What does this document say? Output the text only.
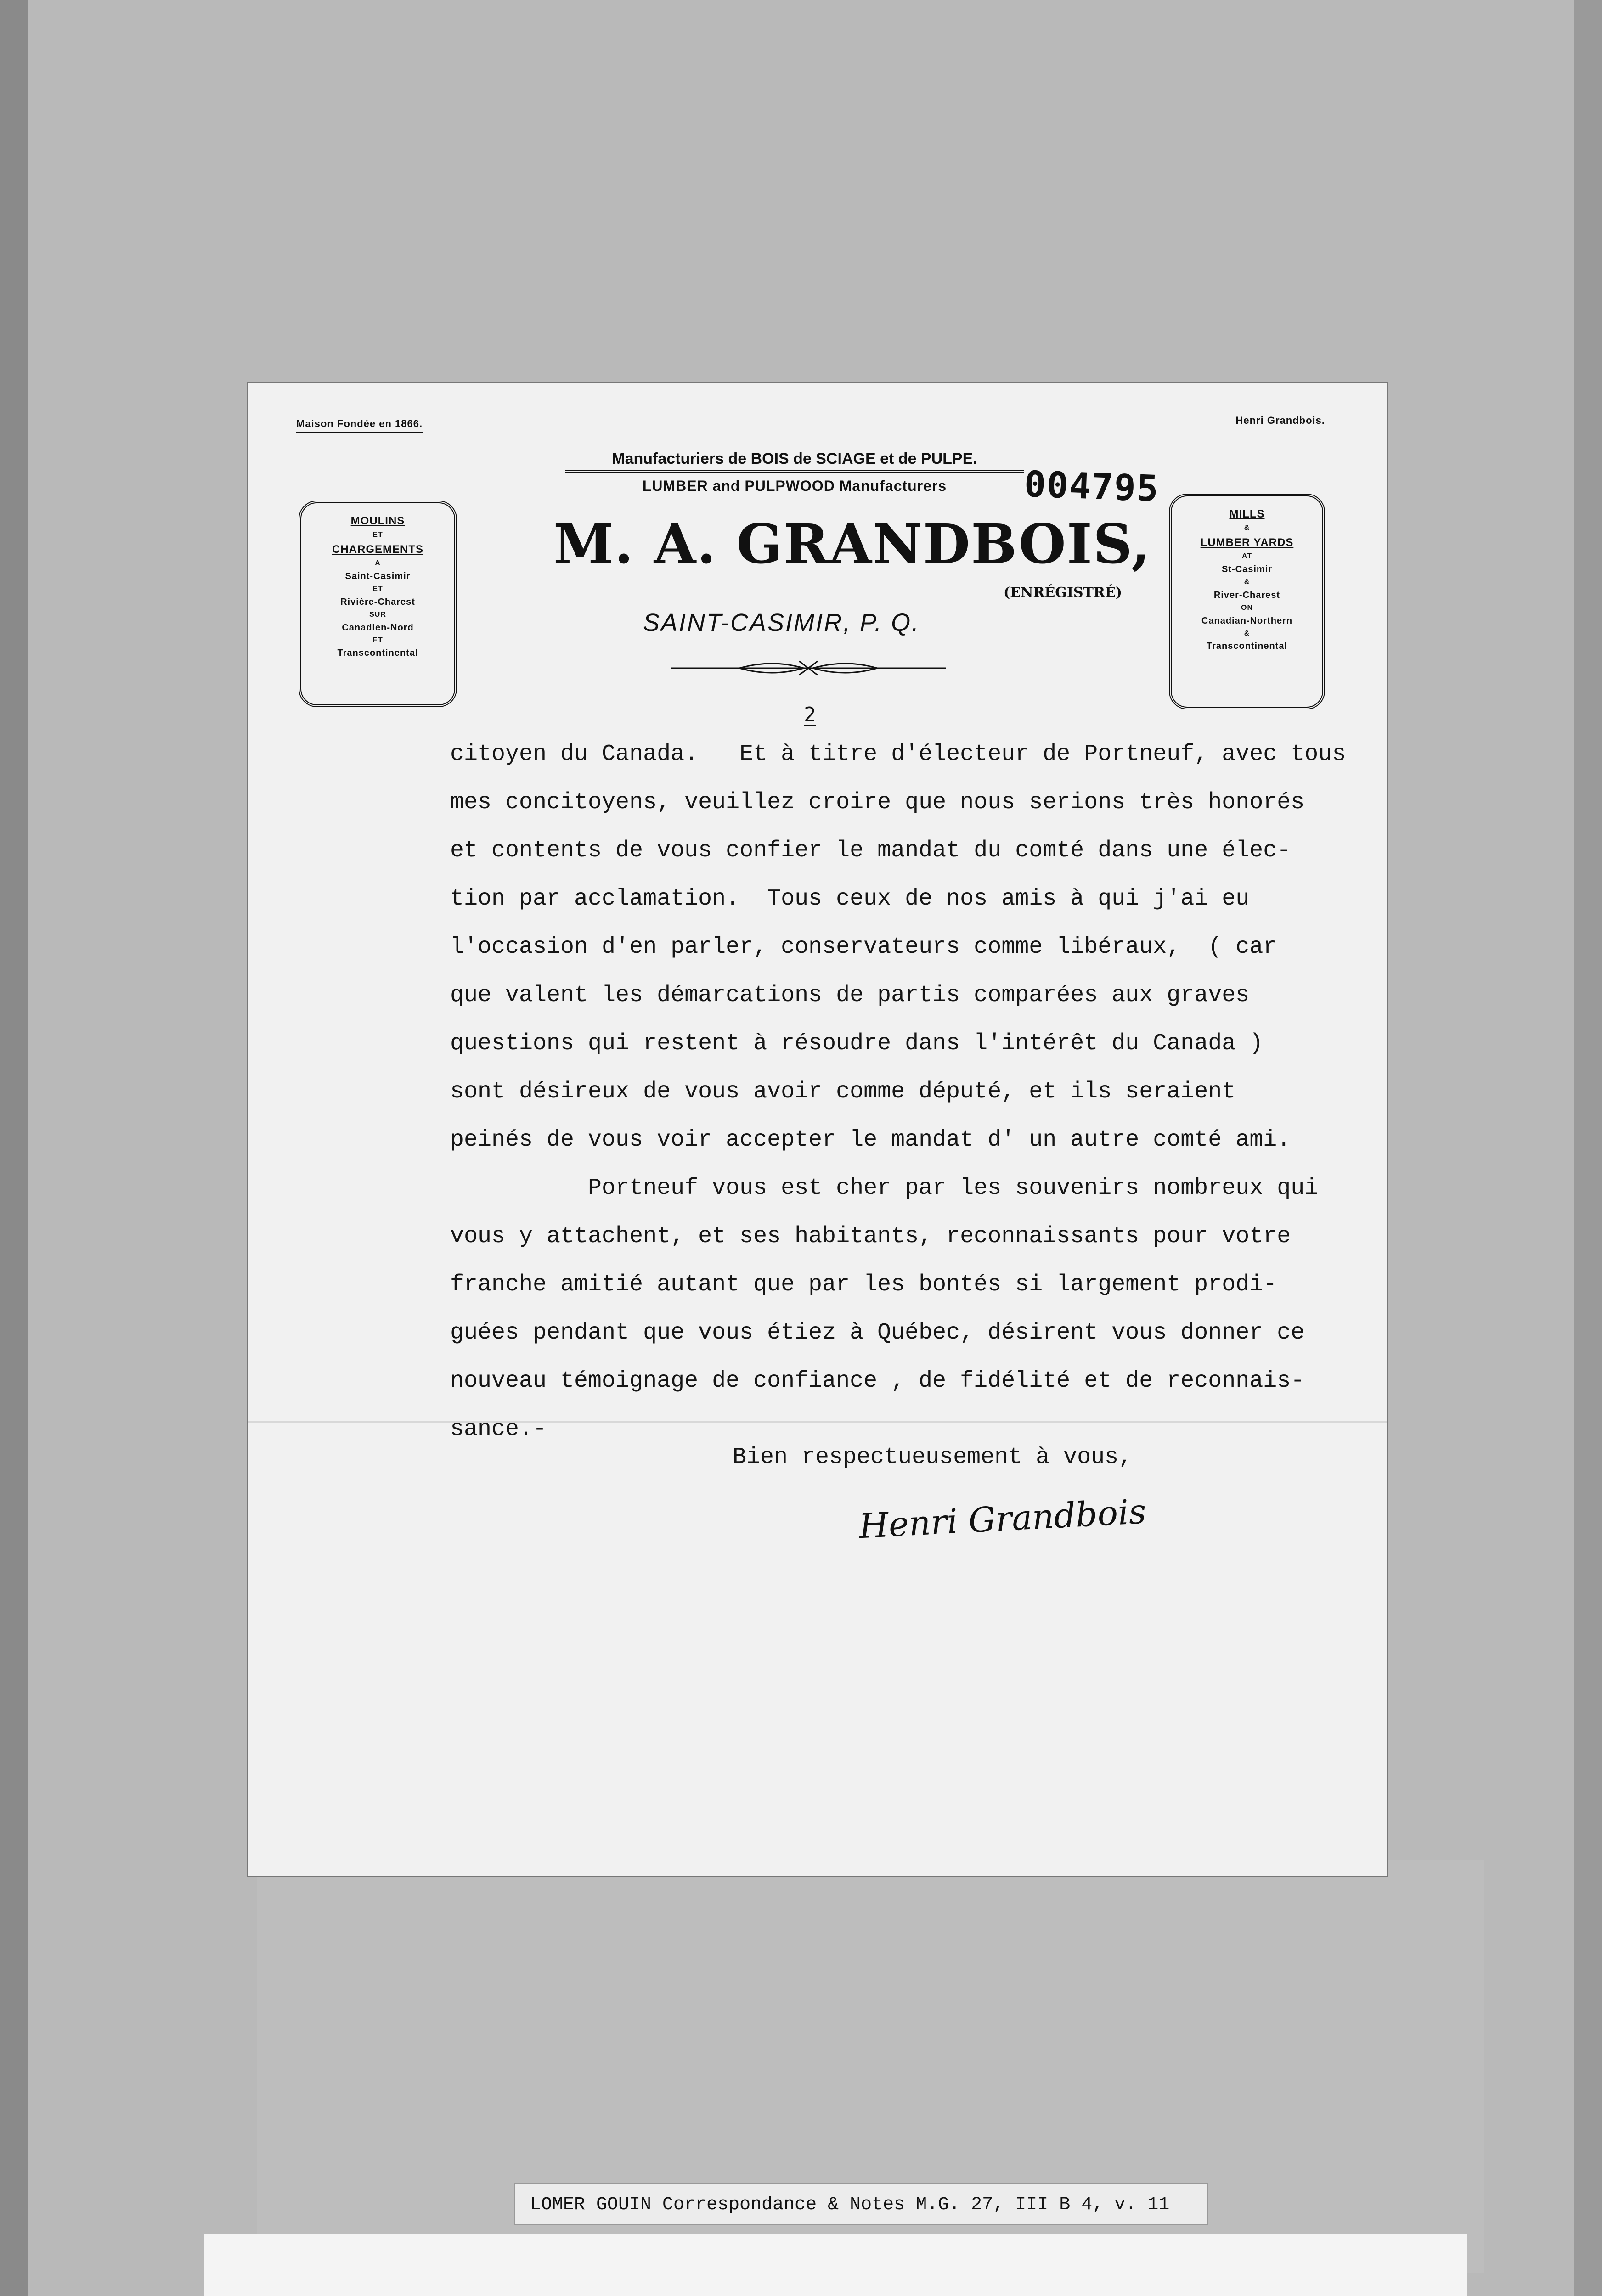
Maison Fondée en 1866.	Henri Grandbois.
Manufacturiers de BOIS de SCIAGE et de PULPE.
LUMBER and PULPWOOD Manufacturers	004795
M. A. GRANDBOIS,
(ENRÉGISTRÉ)
SAINT-CASIMIR, P. Q.
MOULINS
ET
CHARGEMENTS
A
Saint-Casimir
ET
Rivière-Charest
SUR
Canadien-Nord
ET
Transcontinental
MILLS
&
LUMBER YARDS
AT
St-Casimir
&
River-Charest
ON
Canadian-Northern
&
Transcontinental
2
citoyen du Canada.   Et à titre d'électeur de Portneuf, avec tous
mes concitoyens, veuillez croire que nous serions très honorés
et contents de vous confier le mandat du comté dans une élec-
tion par acclamation.  Tous ceux de nos amis à qui j'ai eu
l'occasion d'en parler, conservateurs comme libéraux,  ( car
que valent les démarcations de partis comparées aux graves
questions qui restent à résoudre dans l'intérêt du Canada )
sont désireux de vous avoir comme député, et ils seraient
peinés de vous voir accepter le mandat d' un autre comté ami.
Portneuf vous est cher par les souvenirs nombreux qui
vous y attachent, et ses habitants, reconnaissants pour votre
franche amitié autant que par les bontés si largement prodi-
guées pendant que vous étiez à Québec, désirent vous donner ce
nouveau témoignage de confiance , de fidélité et de reconnais-
sance.-
Bien respectueusement à vous,
Henri Grandbois
LOMER GOUIN Correspondance & Notes M.G. 27, III B 4, v. 11
